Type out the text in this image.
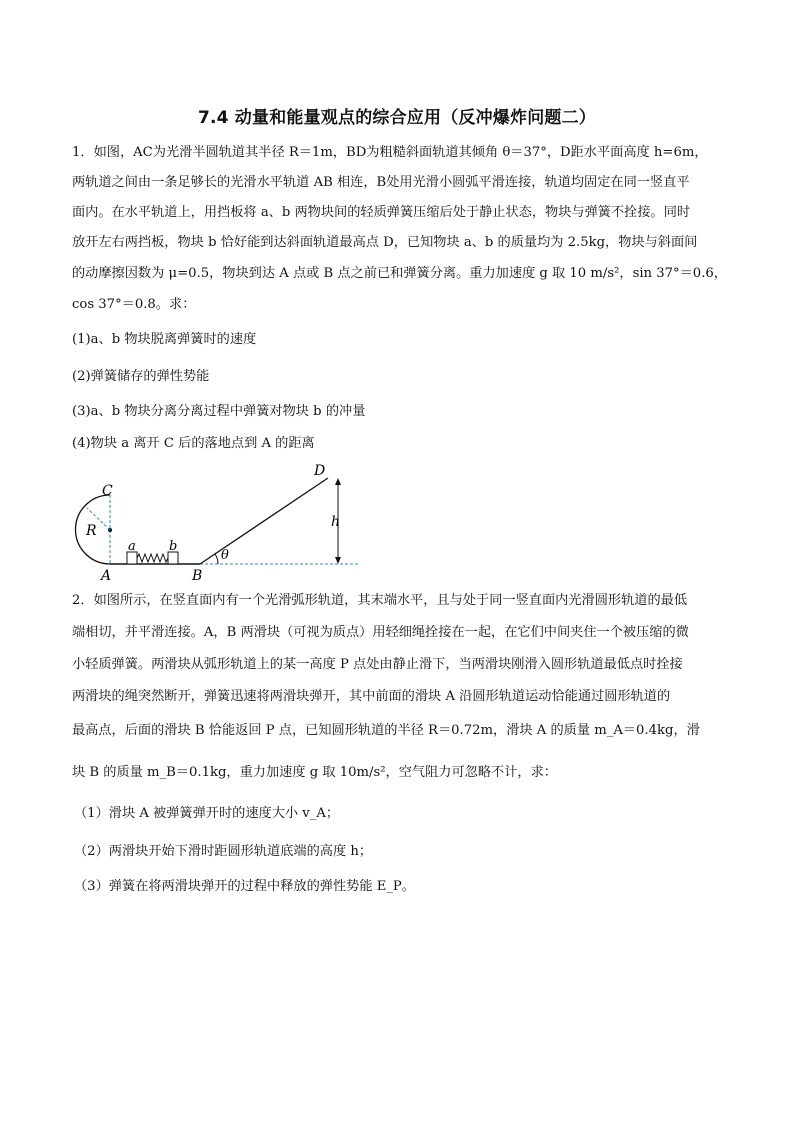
7.4 动量和能量观点的综合应用（反冲爆炸问题二）
1．如图，AC为光滑半圆轨道其半径 R＝1m，BD为粗糙斜面轨道其倾角 θ＝37°，D距水平面高度 h=6m，
两轨道之间由一条足够长的光滑水平轨道 AB 相连，B处用光滑小圆弧平滑连接，轨道均固定在同一竖直平
面内。在水平轨道上，用挡板将 a、b 两物块间的轻质弹簧压缩后处于静止状态，物块与弹簧不拴接。同时
放开左右两挡板，物块 b 恰好能到达斜面轨道最高点 D，已知物块 a、b 的质量均为 2.5kg，物块与斜面间
的动摩擦因数为 μ=0.5，物块到达 A 点或 B 点之前已和弹簧分离。重力加速度 g 取 10 m/s²，sin 37°＝0.6，
cos 37°＝0.8。求：
(1)a、b 物块脱离弹簧时的速度
(2)弹簧储存的弹性势能
(3)a、b 物块分离分离过程中弹簧对物块 b 的冲量
(4)物块 a 离开 C 后的落地点到 A 的距离
C
R
A
a	b
B
θ
D
h
2．如图所示，在竖直面内有一个光滑弧形轨道，其末端水平，且与处于同一竖直面内光滑圆形轨道的最低
端相切，并平滑连接。A，B 两滑块（可视为质点）用轻细绳拴接在一起，在它们中间夹住一个被压缩的微
小轻质弹簧。两滑块从弧形轨道上的某一高度 P 点处由静止滑下，当两滑块刚滑入圆形轨道最低点时拴接
两滑块的绳突然断开，弹簧迅速将两滑块弹开，其中前面的滑块 A 沿圆形轨道运动恰能通过圆形轨道的
最高点，后面的滑块 B 恰能返回 P 点，已知圆形轨道的半径 R＝0.72m，滑块 A 的质量 m_A＝0.4kg，滑
块 B 的质量 m_B＝0.1kg，重力加速度 g 取 10m/s²，空气阻力可忽略不计，求：
（1）滑块 A 被弹簧弹开时的速度大小 v_A；
（2）两滑块开始下滑时距圆形轨道底端的高度 h；
（3）弹簧在将两滑块弹开的过程中释放的弹性势能 E_P。
